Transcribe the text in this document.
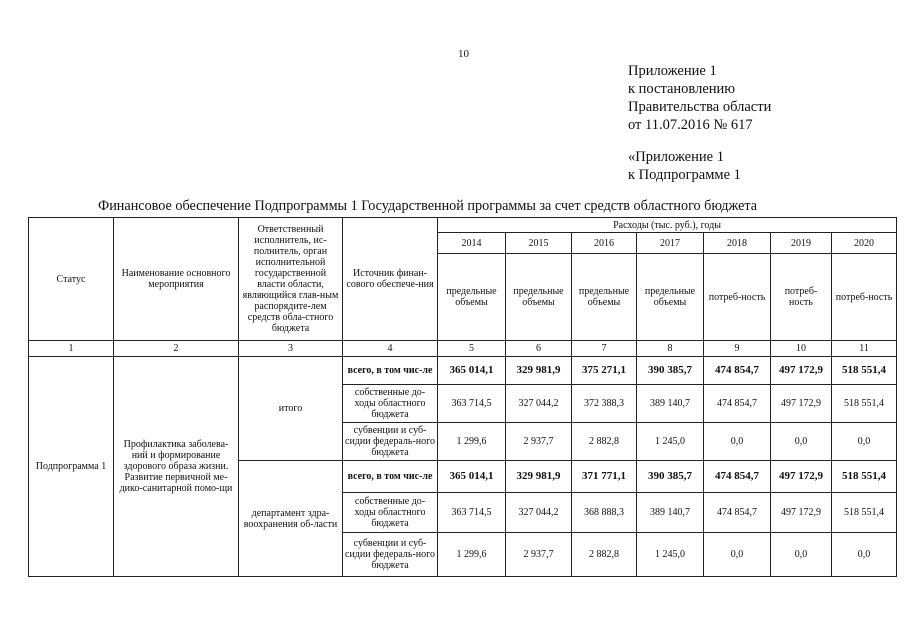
10
Приложение 1
к постановлению
Правительства области
от 11.07.2016 № 617
«Приложение 1
к Подпрограмме 1
Финансовое обеспечение Подпрограммы 1 Государственной программы за счет средств областного бюджета
Статус	Наименование основного мероприятия	Ответственный исполнитель, ис-полнитель, орган исполнительной государственной власти области, являющийся глав-ным распорядите-лем средств обла-стного бюджета	Источник финан-сового обеспече-ния	Расходы (тыс. руб.), годы						
				2014	2015	2016	2017	2018	2019	2020
				предельные объемы	предельные объемы	предельные объемы	предельные объемы	потреб-ность	потреб-ность	потреб-ность
1	2	3	4	5	6	7	8	9	10	11
Подпрограмма 1	Профилактика заболева-ний и формирование здорового образа жизни. Развитие первичной ме-дико-санитарной помо-щи	итого	всего, в том чис-ле	365 014,1	329 981,9	375 271,1	390 385,7	474 854,7	497 172,9	518 551,4
			собственные до-ходы областного бюджета	363 714,5	327 044,2	372 388,3	389 140,7	474 854,7	497 172,9	518 551,4
			субвенции и суб-сидии федераль-ного бюджета	1 299,6	2 937,7	2 882,8	1 245,0	0,0	0,0	0,0
		департамент здра-воохранения об-ласти	всего, в том чис-ле	365 014,1	329 981,9	371 771,1	390 385,7	474 854,7	497 172,9	518 551,4
			собственные до-ходы областного бюджета	363 714,5	327 044,2	368 888,3	389 140,7	474 854,7	497 172,9	518 551,4
			субвенции и суб-сидии федераль-ного бюджета	1 299,6	2 937,7	2 882,8	1 245,0	0,0	0,0	0,0
